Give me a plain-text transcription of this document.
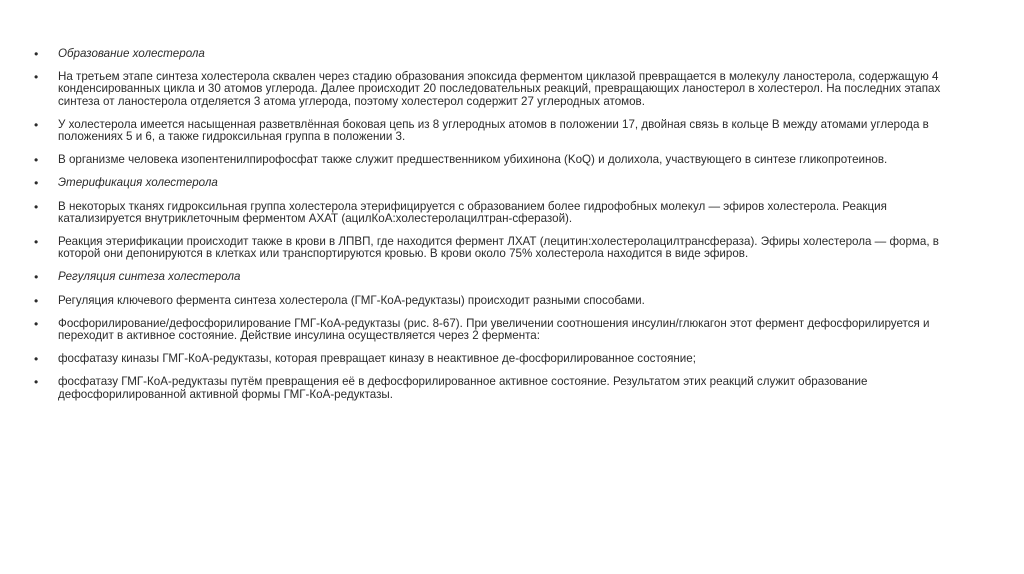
• Образование холестерола
• На третьем этапе синтеза холестерола сквален через стадию образования эпоксида ферментом циклазой превращается в молекулу ланостерола, содержащую 4 конденсированных цикла и 30 атомов углерода. Далее происходит 20 последовательных реакций, превращающих ланостерол в холестерол. На последних этапах синтеза от ланостерола отделяется 3 атома углерода, поэтому холестерол содержит 27 углеродных атомов.
• У холестерола имеется насыщенная разветвлённая боковая цепь из 8 углеродных атомов в положении 17, двойная связь в кольце В между атомами углерода в положениях 5 и 6, а также гидроксильная группа в положении 3.
• В организме человека изопентенилпирофосфат также служит предшественником убихинона (KoQ) и долихола, участвующего в синтезе гликопротеинов.
• Этерификация холестерола
• В некоторых тканях гидроксильная группа холестерола этерифицируется с образованием более гидрофобных молекул — эфиров холестерола. Реакция катализируется внутриклеточным ферментом АХАТ (ацилКоА:холестеролацилтран-сферазой).
• Реакция этерификации происходит также в крови в ЛПВП, где находится фермент ЛХАТ (лецитин:холестеролацилтрансфераза). Эфиры холестерола — форма, в которой они депонируются в клетках или транспортируются кровью. В крови около 75% холестерола находится в виде эфиров.
• Регуляция синтеза холестерола
• Регуляция ключевого фермента синтеза холестерола (ГМГ-КоА-редуктазы) происходит разными способами.
• Фосфорилирование/дефосфорилирование ГМГ-КоА-редуктазы (рис. 8-67). При увеличении соотношения инсулин/глюкагон этот фермент дефосфорилируется и переходит в активное состояние. Действие инсулина осуществляется через 2 фермента:
• фосфатазу киназы ГМГ-КоА-редуктазы, которая превращает киназу в неактивное де-фосфорилированное состояние;
• фосфатазу ГМГ-КоА-редуктазы путём превращения её в дефосфорилированное активное состояние. Результатом этих реакций служит образование дефосфорилированной активной формы ГМГ-КоА-редуктазы.
